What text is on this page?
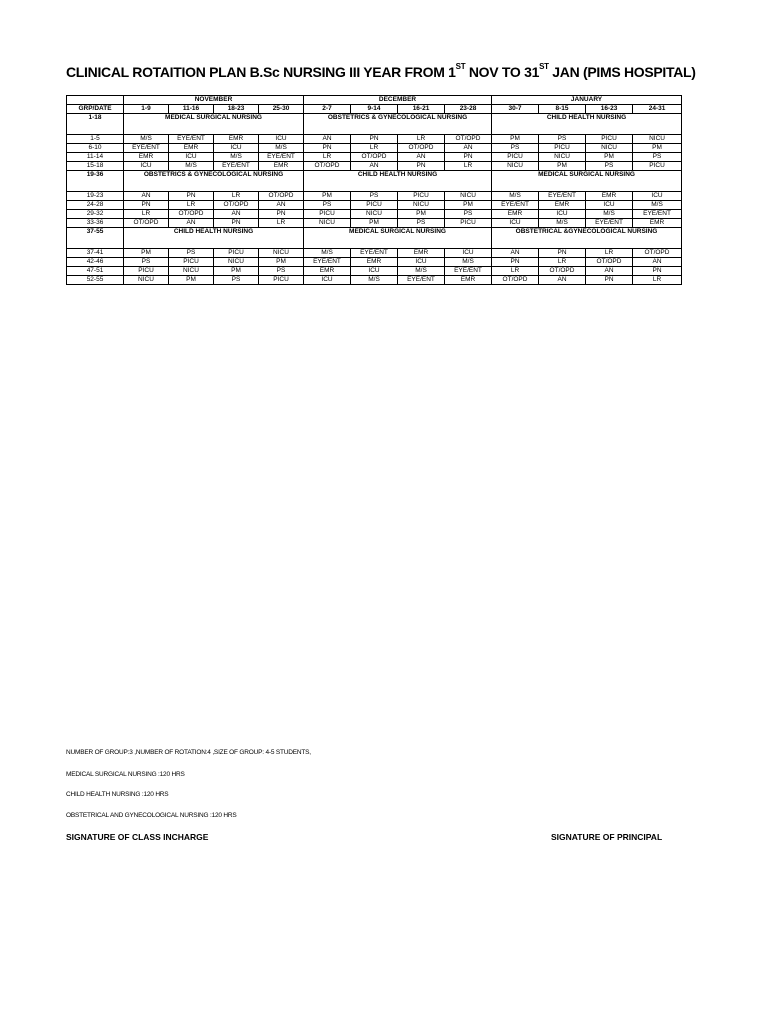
CLINICAL ROTAITION PLAN B.Sc NURSING III YEAR FROM 1ST NOV TO 31ST JAN (PIMS HOSPITAL)
	NOVEMBER				DECEMBER				JANUARY			
GRP/DATE	1-9	11-16	18-23	25-30	2-7	9-14	16-21	23-28	30-7	8-15	16-23	24-31
1-18	MEDICAL SURGICAL NURSING				OBSTETRICS & GYNECOLOGICAL NURSING				CHILD HEALTH NURSING			
1-5	M/S	EYE/ENT	EMR	ICU	AN	PN	LR	OT/OPD	PM	PS	PICU	NICU
6-10	EYE/ENT	EMR	ICU	M/S	PN	LR	OT/OPD	AN	PS	PICU	NICU	PM
11-14	EMR	ICU	M/S	EYE/ENT	LR	OT/OPD	AN	PN	PICU	NICU	PM	PS
15-18	ICU	M/S	EYE/ENT	EMR	OT/OPD	AN	PN	LR	NICU	PM	PS	PICU
19-36	OBSTETRICS & GYNECOLOGICAL NURSING				CHILD HEALTH NURSING				MEDICAL SURGICAL NURSING			
19-23	AN	PN	LR	OT/OPD	PM	PS	PICU	NICU	M/S	EYE/ENT	EMR	ICU
24-28	PN	LR	OT/OPD	AN	PS	PICU	NICU	PM	EYE/ENT	EMR	ICU	M/S
29-32	LR	OT/OPD	AN	PN	PICU	NICU	PM	PS	EMR	ICU	M/S	EYE/ENT
33-36	OT/OPD	AN	PN	LR	NICU	PM	PS	PICU	ICU	M/S	EYE/ENT	EMR
37-55	CHILD HEALTH NURSING				MEDICAL SURGICAL NURSING				OBSTETRICAL &GYNECOLOGICAL NURSING			
37-41	PM	PS	PICU	NICU	M/S	EYE/ENT	EMR	ICU	AN	PN	LR	OT/OPD
42-46	PS	PICU	NICU	PM	EYE/ENT	EMR	ICU	M/S	PN	LR	OT/OPD	AN
47-51	PICU	NICU	PM	PS	EMR	ICU	M/S	EYE/ENT	LR	OT/OPD	AN	PN
52-55	NICU	PM	PS	PICU	ICU	M/S	EYE/ENT	EMR	OT/OPD	AN	PN	LR
NUMBER OF GROUP:3 ,NUMBER OF ROTATION:4 ,SIZE OF GROUP: 4-5 STUDENTS,
MEDICAL SURGICAL NURSING :120 HRS
CHILD HEALTH NURSING :120 HRS
OBSTETRICAL AND GYNECOLOGICAL NURSING :120 HRS
SIGNATURE OF CLASS INCHARGE	SIGNATURE OF PRINCIPAL
